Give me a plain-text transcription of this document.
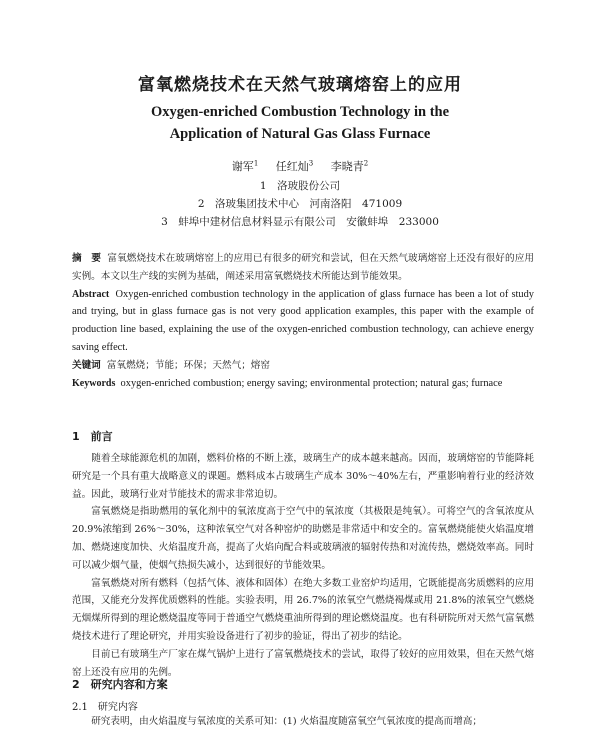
富氧燃烧技术在天然气玻璃熔窑上的应用
Oxygen-enriched Combustion Technology in the
Application of Natural Gas Glass Furnace
谢军$^1$ 任红灿$^3$ 李晓青$^2$
1　洛玻股份公司
2　洛玻集团技术中心　河南洛阳　471009
3　蚌埠中建材信息材料显示有限公司　安徽蚌埠　233000

摘　要 富氧燃烧技术在玻璃熔窑上的应用已有很多的研究和尝试，但在天然气玻璃熔窑上还没有很好的应用实例。本文以生产线的实例为基础，阐述采用富氧燃烧技术所能达到节能效果。

Abstract Oxygen-enriched combustion technology in the application of glass furnace has been a lot of study and trying, but in glass furnace gas is not very good application examples, this paper with the example of production line based, explaining the use of the oxygen-enriched combustion technology, can achieve energy saving effect.

关键词 富氧燃烧；节能；环保；天然气；熔窑

Keywords oxygen-enriched combustion; energy saving; environmental protection; natural gas; furnace

1　前言

随着全球能源危机的加剧，燃料价格的不断上涨，玻璃生产的成本越来越高。因而，玻璃熔窑的节能降耗研究是一个具有重大战略意义的课题。燃料成本占玻璃生产成本 30%～40%左右，严重影响着行业的经济效益。因此，玻璃行业对节能技术的需求非常迫切。

富氧燃烧是指助燃用的氧化剂中的氧浓度高于空气中的氧浓度（其极限是纯氧）。可将空气的含氧浓度从 20.9%浓缩到 26%～30%，这种浓氧空气对各种窑炉的助燃是非常适中和安全的。富氧燃烧能使火焰温度增加、燃烧速度加快、火焰温度升高，提高了火焰向配合料或玻璃液的辐射传热和对流传热，燃烧效率高。同时可以减少烟气量，使烟气热损失减小，达到很好的节能效果。

富氧燃烧对所有燃料（包括气体、液体和固体）在绝大多数工业窑炉均适用，它既能提高劣质燃料的应用范围，又能充分发挥优质燃料的性能。实验表明，用 26.7%的浓氧空气燃烧褐煤或用 21.8%的浓氧空气燃烧无烟煤所得到的理论燃烧温度等同于普通空气燃烧重油所得到的理论燃烧温度。也有科研院所对天然气富氧燃烧技术进行了理论研究，并用实验设备进行了初步的验证，得出了初步的结论。

目前已有玻璃生产厂家在煤气锅炉上进行了富氧燃烧技术的尝试，取得了较好的应用效果，但在天然气熔窑上还没有应用的先例。

2　研究内容和方案
2.1　研究内容
研究表明，由火焰温度与氧浓度的关系可知：(1) 火焰温度随富氧空气氧浓度的提高而增高；
